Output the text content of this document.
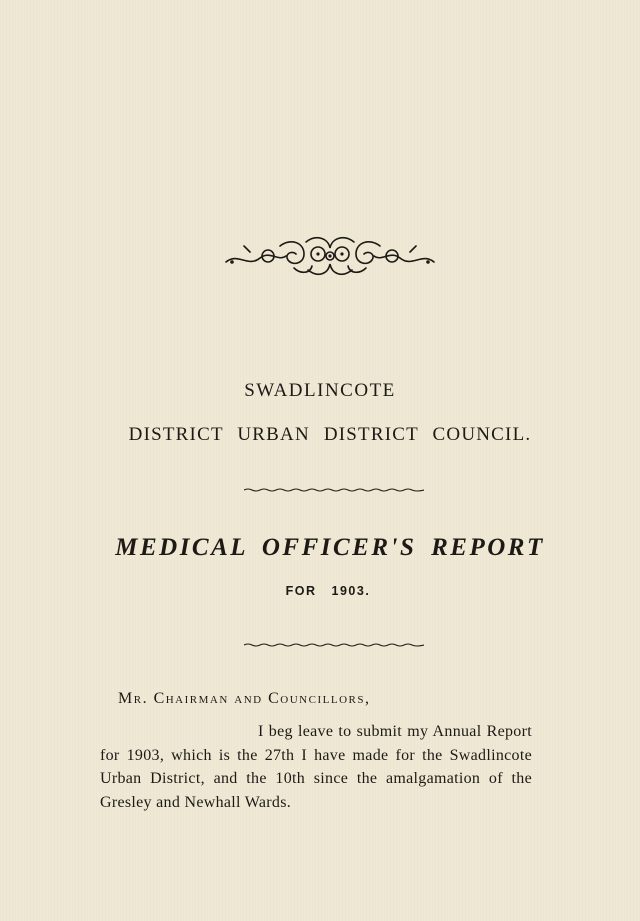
SWADLINCOTE
DISTRICT URBAN DISTRICT COUNCIL.
MEDICAL OFFICER'S REPORT
FOR 1903.
Mr. Chairman and Councillors,
I beg leave to submit my Annual Report for 1903, which is the 27th I have made for the Swadlincote Urban District, and the 10th since the amalgamation of the Gresley and Newhall Wards.
